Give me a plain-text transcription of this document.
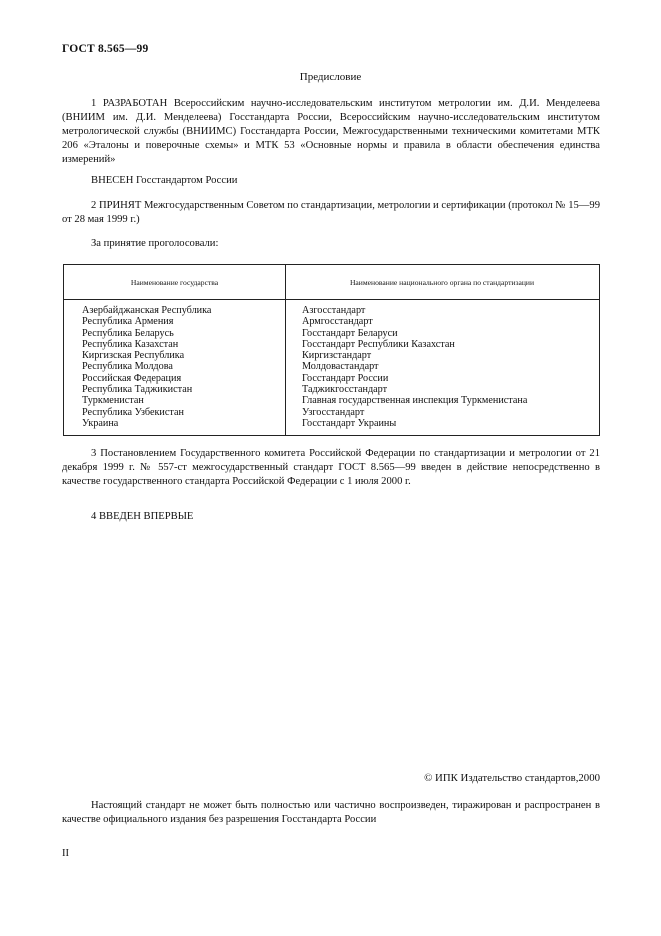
ГОСТ 8.565—99
Предисловие

1 РАЗРАБОТАН Всероссийским научно-исследовательским институтом метрологии им. Д.И. Менделеева (ВНИИМ им. Д.И. Менделеева) Госстандарта России, Всероссийским научно-исследовательским институтом метрологической службы (ВНИИМС) Госстандарта России, Межгосударственными техническими комитетами МТК 206 «Эталоны и поверочные схемы» и МТК 53 «Основные нормы и правила в области обеспечения единства измерений»

ВНЕСЕН Госстандартом России

2 ПРИНЯТ Межгосударственным Советом по стандартизации, метрологии и сертификации (протокол № 15—99 от 28 мая 1999 г.)

За принятие проголосовали:
Наименование государства	Наименование национального органа по стандартизации
Азербайджанская Республика
Республика Армения
Республика Беларусь
Республика Казахстан
Киргизская Республика
Республика Молдова
Российская Федерация
Республика Таджикистан
Туркменистан
Республика Узбекистан
Украина
Азгосстандарт
Армгосстандарт
Госстандарт Беларуси
Госстандарт Республики Казахстан
Киргизстандарт
Молдовастандарт
Госстандарт России
Таджикгосстандарт
Главная государственная инспекция Туркменистана
Узгосстандарт
Госстандарт Украины

3 Постановлением Государственного комитета Российской Федерации по стандартизации и метрологии от 21 декабря 1999 г. № 557-ст межгосударственный стандарт ГОСТ 8.565—99 введен в действие непосредственно в качестве государственного стандарта Российской Федерации с 1 июля 2000 г.

4 ВВЕДЕН ВПЕРВЫЕ
© ИПК Издательство стандартов,2000

Настоящий стандарт не может быть полностью или частично воспроизведен, тиражирован и распространен в качестве официального издания без разрешения Госстандарта России

II
